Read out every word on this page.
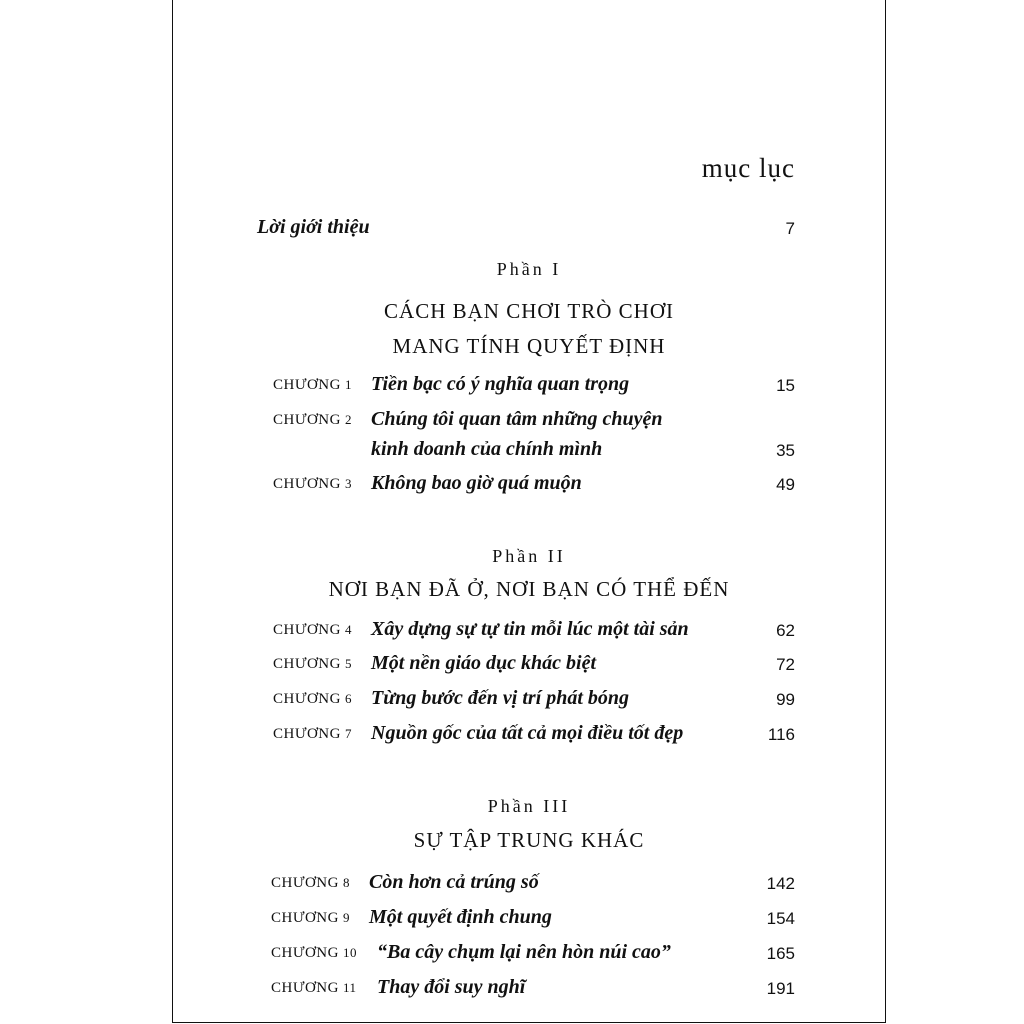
mục lục
Lời giới thiệu	7
Phần I
CÁCH BẠN CHƠI TRÒ CHƠI
MANG TÍNH QUYẾT ĐỊNH
CHƯƠNG 1 Tiền bạc có ý nghĩa quan trọng	15
CHƯƠNG 2 Chúng tôi quan tâm những chuyện
kinh doanh của chính mình	35
CHƯƠNG 3 Không bao giờ quá muộn	49
Phần II
NƠI BẠN ĐÃ Ở, NƠI BẠN CÓ THỂ ĐẾN
CHƯƠNG 4 Xây dựng sự tự tin mỗi lúc một tài sản	62
CHƯƠNG 5 Một nền giáo dục khác biệt	72
CHƯƠNG 6 Từng bước đến vị trí phát bóng	99
CHƯƠNG 7 Nguồn gốc của tất cả mọi điều tốt đẹp	116
Phần III
SỰ TẬP TRUNG KHÁC
CHƯƠNG 8 Còn hơn cả trúng số	142
CHƯƠNG 9 Một quyết định chung	154
CHƯƠNG 10 “Ba cây chụm lại nên hòn núi cao”	165
CHƯƠNG 11 Thay đổi suy nghĩ	191
